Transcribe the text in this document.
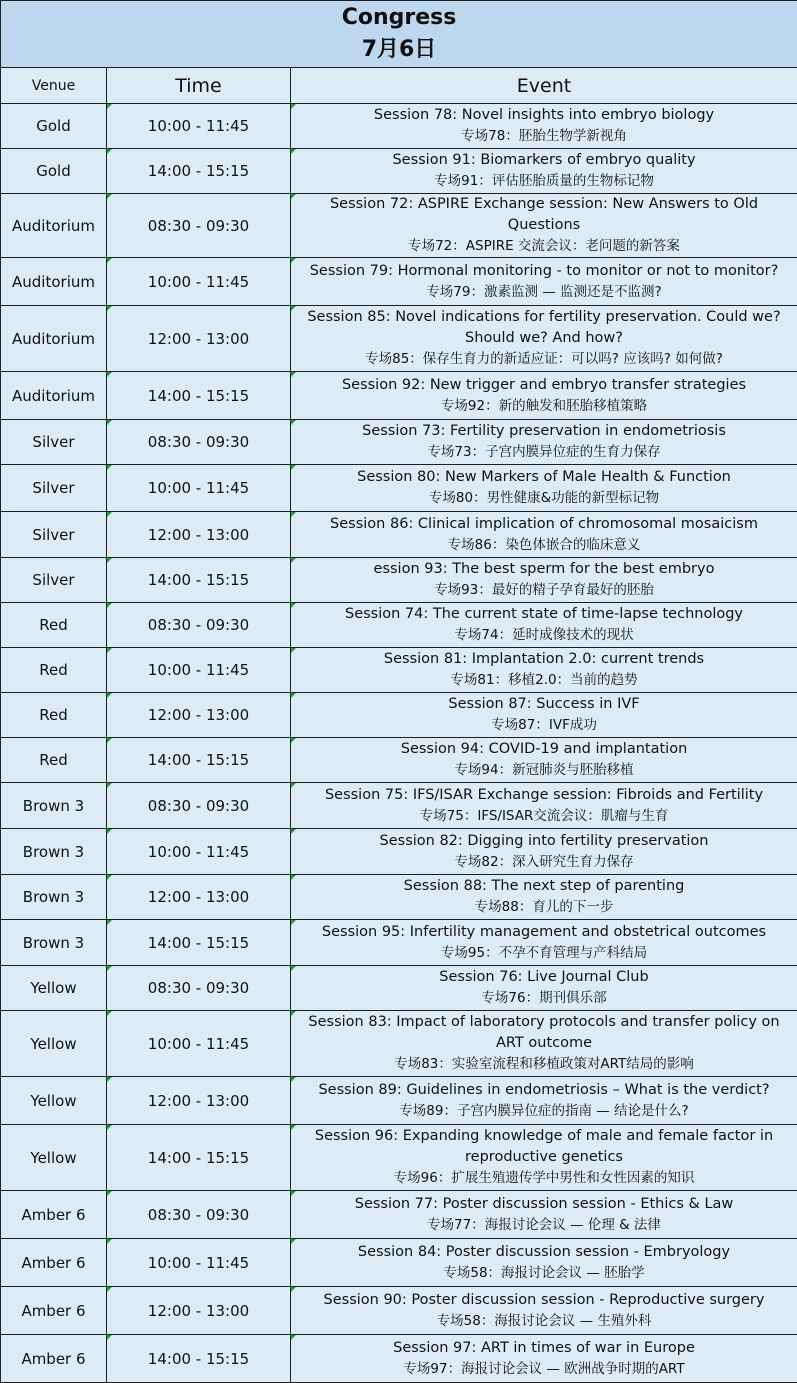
Congress
7月6日		

Venue	Time	Event
Gold	10:00 - 11:45	Session 78: Novel insights into embryo biology
专场78：胚胎生物学新视角

Gold	14:00 - 15:15	Session 91: Biomarkers of embryo quality
专场91：评估胚胎质量的生物标记物

Auditorium	08:30 - 09:30	Session 72: ASPIRE Exchange session: New Answers to Old Questions
专场72：ASPIRE 交流会议：老问题的新答案

Auditorium	10:00 - 11:45	Session 79: Hormonal monitoring - to monitor or not to monitor?
专场79：激素监测 — 监测还是不监测?

Auditorium	12:00 - 13:00	Session 85: Novel indications for fertility preservation. Could we? Should we? And how?
专场85：保存生育力的新适应证：可以吗? 应该吗? 如何做?

Auditorium	14:00 - 15:15	Session 92: New trigger and embryo transfer strategies
专场92：新的触发和胚胎移植策略

Silver	08:30 - 09:30	Session 73: Fertility preservation in endometriosis
专场73：子宫内膜异位症的生育力保存

Silver	10:00 - 11:45	Session 80: New Markers of Male Health & Function
专场80：男性健康&功能的新型标记物

Silver	12:00 - 13:00	Session 86: Clinical implication of chromosomal mosaicism
专场86：染色体嵌合的临床意义

Silver	14:00 - 15:15	ession 93: The best sperm for the best embryo
专场93：最好的精子孕育最好的胚胎

Red	08:30 - 09:30	Session 74: The current state of time-lapse technology
专场74：延时成像技术的现状

Red	10:00 - 11:45	Session 81: Implantation 2.0: current trends
专场81：移植2.0：当前的趋势

Red	12:00 - 13:00	Session 87: Success in IVF
专场87：IVF成功

Red	14:00 - 15:15	Session 94: COVID-19 and implantation
专场94：新冠肺炎与胚胎移植

Brown 3	08:30 - 09:30	Session 75: IFS/ISAR Exchange session: Fibroids and Fertility
专场75：IFS/ISAR交流会议：肌瘤与生育

Brown 3	10:00 - 11:45	Session 82: Digging into fertility preservation
专场82：深入研究生育力保存

Brown 3	12:00 - 13:00	Session 88: The next step of parenting
专场88：育儿的下一步

Brown 3	14:00 - 15:15	Session 95: Infertility management and obstetrical outcomes
专场95：不孕不育管理与产科结局

Yellow	08:30 - 09:30	Session 76: Live Journal Club
专场76：期刊俱乐部

Yellow	10:00 - 11:45	Session 83: Impact of laboratory protocols and transfer policy on ART outcome
专场83：实验室流程和移植政策对ART结局的影响

Yellow	12:00 - 13:00	Session 89: Guidelines in endometriosis – What is the verdict?
专场89：子宫内膜异位症的指南 — 结论是什么?

Yellow	14:00 - 15:15	Session 96: Expanding knowledge of male and female factor in reproductive genetics
专场96：扩展生殖遗传学中男性和女性因素的知识

Amber 6	08:30 - 09:30	Session 77: Poster discussion session - Ethics & Law
专场77：海报讨论会议 — 伦理 & 法律

Amber 6	10:00 - 11:45	Session 84: Poster discussion session - Embryology
专场58：海报讨论会议 — 胚胎学

Amber 6	12:00 - 13:00	Session 90: Poster discussion session - Reproductive surgery
专场58：海报讨论会议 — 生殖外科

Amber 6	14:00 - 15:15	Session 97: ART in times of war in Europe
专场97：海报讨论会议 — 欧洲战争时期的ART
